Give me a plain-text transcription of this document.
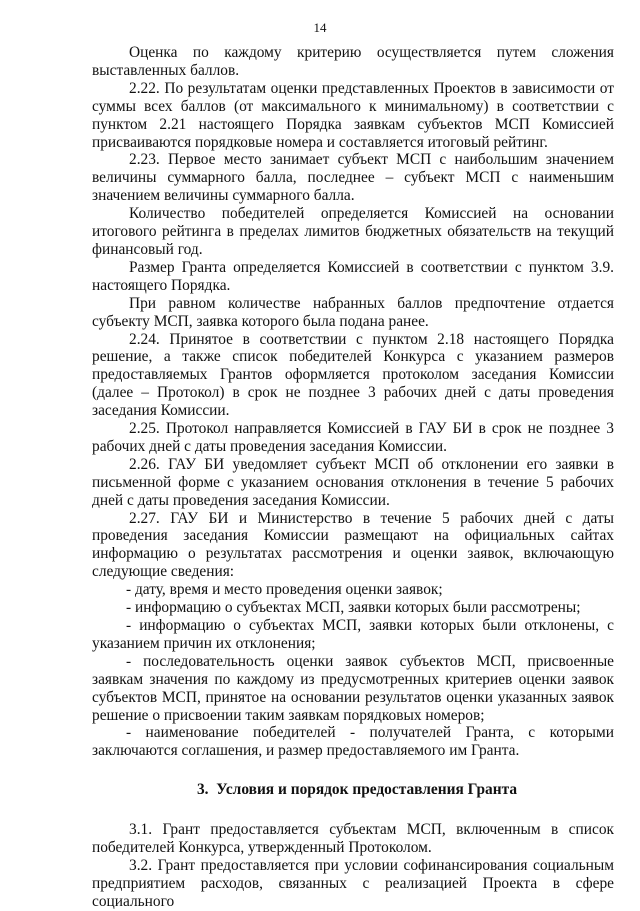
14

Оценка по каждому критерию осуществляется путем сложения выставленных баллов.

2.22. По результатам оценки представленных Проектов в зависимости от суммы всех баллов (от максимального к минимальному) в соответствии с пунктом 2.21 настоящего Порядка заявкам субъектов МСП Комиссией присваиваются порядковые номера и составляется итоговый рейтинг.

2.23. Первое место занимает субъект МСП с наибольшим значением величины суммарного балла, последнее – субъект МСП с наименьшим значением величины суммарного балла.

Количество победителей определяется Комиссией на основании итогового рейтинга в пределах лимитов бюджетных обязательств на текущий финансовый год.

Размер Гранта определяется Комиссией в соответствии с пунктом 3.9. настоящего Порядка.

При равном количестве набранных баллов предпочтение отдается субъекту МСП, заявка которого была подана ранее.

2.24. Принятое в соответствии с пунктом 2.18 настоящего Порядка решение, а также список победителей Конкурса с указанием размеров предоставляемых Грантов оформляется протоколом заседания Комиссии (далее – Протокол) в срок не позднее 3 рабочих дней с даты проведения заседания Комиссии.

2.25. Протокол направляется Комиссией в ГАУ БИ в срок не позднее 3 рабочих дней с даты проведения заседания Комиссии.

2.26. ГАУ БИ уведомляет субъект МСП об отклонении его заявки в письменной форме с указанием основания отклонения в течение 5 рабочих дней с даты проведения заседания Комиссии.

2.27. ГАУ БИ и Министерство в течение 5 рабочих дней с даты проведения заседания Комиссии размещают на официальных сайтах информацию о результатах рассмотрения и оценки заявок, включающую следующие сведения:

- дату, время и место проведения оценки заявок;

- информацию о субъектах МСП, заявки которых были рассмотрены;

- информацию о субъектах МСП, заявки которых были отклонены, с указанием причин их отклонения;

- последовательность оценки заявок субъектов МСП, присвоенные заявкам значения по каждому из предусмотренных критериев оценки заявок субъектов МСП, принятое на основании результатов оценки указанных заявок решение о присвоении таким заявкам порядковых номеров;

- наименование победителей - получателей Гранта, с которыми заключаются соглашения, и размер предоставляемого им Гранта.

3. Условия и порядок предоставления Гранта

3.1. Грант предоставляется субъектам МСП, включенным в список победителей Конкурса, утвержденный Протоколом.

3.2. Грант предоставляется при условии софинансирования социальным предприятием расходов, связанных с реализацией Проекта в сфере социального
